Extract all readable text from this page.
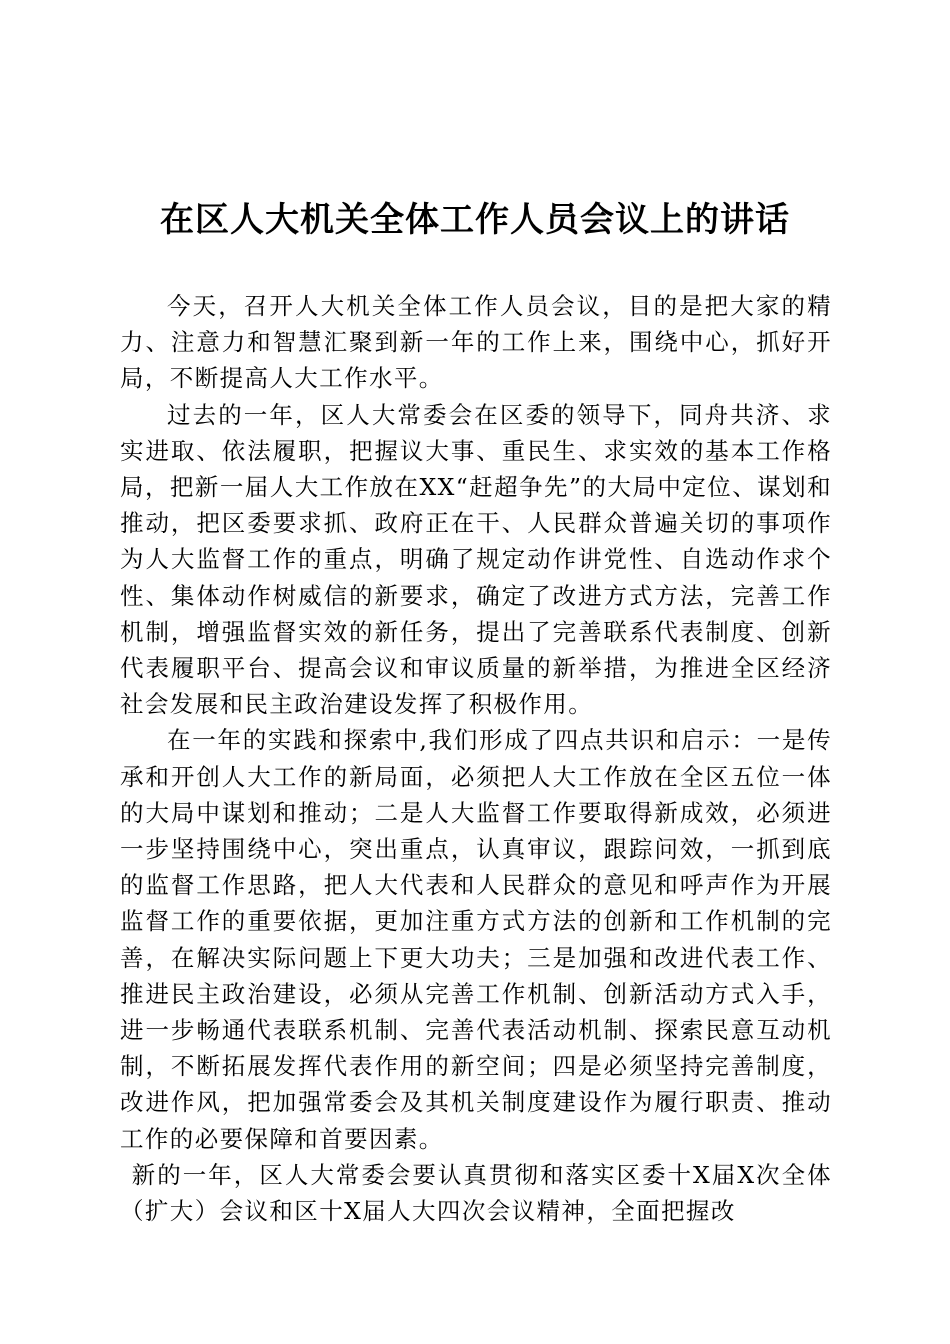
在区人大机关全体工作人员会议上的讲话

今天，召开人大机关全体工作人员会议，目的是把大家的精力、注意力和智慧汇聚到新一年的工作上来，围绕中心，抓好开局，不断提高人大工作水平。

过去的一年，区人大常委会在区委的领导下，同舟共济、求实进取、依法履职，把握议大事、重民生、求实效的基本工作格局，把新一届人大工作放在XX“赶超争先”的大局中定位、谋划和推动，把区委要求抓、政府正在干、人民群众普遍关切的事项作为人大监督工作的重点，明确了规定动作讲党性、自选动作求个性、集体动作树威信的新要求，确定了改进方式方法，完善工作机制，增强监督实效的新任务，提出了完善联系代表制度、创新代表履职平台、提高会议和审议质量的新举措，为推进全区经济社会发展和民主政治建设发挥了积极作用。

在一年的实践和探索中,我们形成了四点共识和启示：一是传承和开创人大工作的新局面，必须把人大工作放在全区五位一体的大局中谋划和推动；二是人大监督工作要取得新成效，必须进一步坚持围绕中心，突出重点，认真审议，跟踪问效，一抓到底的监督工作思路，把人大代表和人民群众的意见和呼声作为开展监督工作的重要依据，更加注重方式方法的创新和工作机制的完善，在解决实际问题上下更大功夫；三是加强和改进代表工作、推进民主政治建设，必须从完善工作机制、创新活动方式入手，进一步畅通代表联系机制、完善代表活动机制、探索民意互动机制，不断拓展发挥代表作用的新空间；四是必须坚持完善制度，改进作风，把加强常委会及其机关制度建设作为履行职责、推动工作的必要保障和首要因素。

新的一年，区人大常委会要认真贯彻和落实区委十X届X次全体（扩大）会议和区十X届人大四次会议精神，全面把握改
